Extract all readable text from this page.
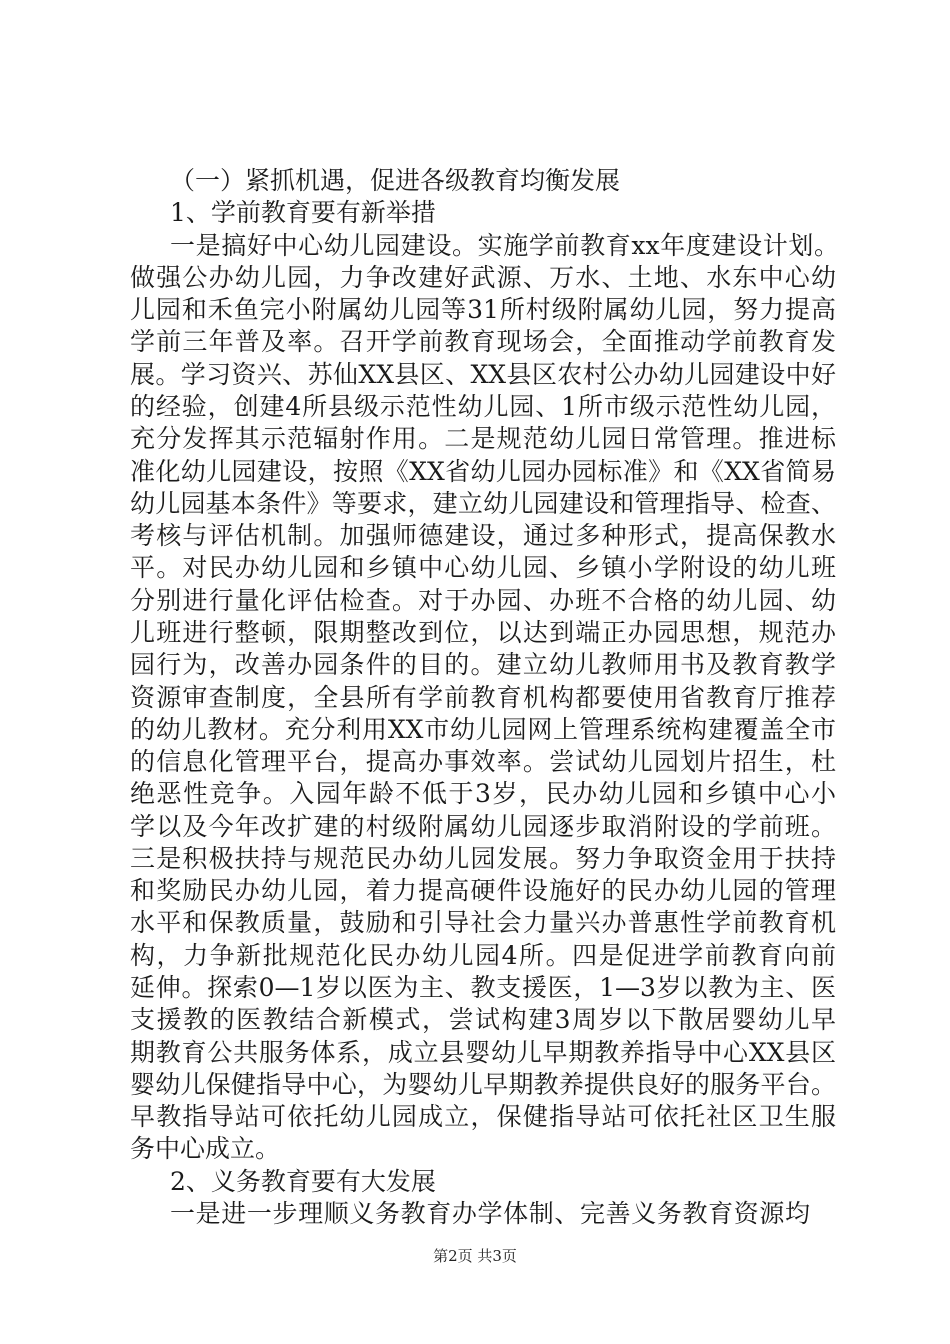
（一）紧抓机遇，促进各级教育均衡发展

1、学前教育要有新举措

一是搞好中心幼儿园建设。实施学前教育xx年度建设计划。

做强公办幼儿园，力争改建好武源、万水、土地、水东中心幼

儿园和禾鱼完小附属幼儿园等31所村级附属幼儿园，努力提高

学前三年普及率。召开学前教育现场会，全面推动学前教育发

展。学习资兴、苏仙XX县区、XX县区农村公办幼儿园建设中好

的经验，创建4所县级示范性幼儿园、1所市级示范性幼儿园，

充分发挥其示范辐射作用。二是规范幼儿园日常管理。推进标

准化幼儿园建设，按照《XX省幼儿园办园标准》和《XX省简易

幼儿园基本条件》等要求，建立幼儿园建设和管理指导、检查、

考核与评估机制。加强师德建设，通过多种形式，提高保教水

平。对民办幼儿园和乡镇中心幼儿园、乡镇小学附设的幼儿班

分别进行量化评估检查。对于办园、办班不合格的幼儿园、幼

儿班进行整顿，限期整改到位，以达到端正办园思想，规范办

园行为，改善办园条件的目的。建立幼儿教师用书及教育教学

资源审查制度，全县所有学前教育机构都要使用省教育厅推荐

的幼儿教材。充分利用XX市幼儿园网上管理系统构建覆盖全市

的信息化管理平台，提高办事效率。尝试幼儿园划片招生，杜

绝恶性竞争。入园年龄不低于3岁，民办幼儿园和乡镇中心小

学以及今年改扩建的村级附属幼儿园逐步取消附设的学前班。

三是积极扶持与规范民办幼儿园发展。努力争取资金用于扶持

和奖励民办幼儿园，着力提高硬件设施好的民办幼儿园的管理

水平和保教质量，鼓励和引导社会力量兴办普惠性学前教育机

构，力争新批规范化民办幼儿园4所。四是促进学前教育向前

延伸。探索0—1岁以医为主、教支援医，1—3岁以教为主、医

支援教的医教结合新模式，尝试构建3周岁以下散居婴幼儿早

期教育公共服务体系，成立县婴幼儿早期教养指导中心XX县区

婴幼儿保健指导中心，为婴幼儿早期教养提供良好的服务平台。

早教指导站可依托幼儿园成立，保健指导站可依托社区卫生服

务中心成立。

2、义务教育要有大发展

一是进一步理顺义务教育办学体制、完善义务教育资源均

第2页 共3页
